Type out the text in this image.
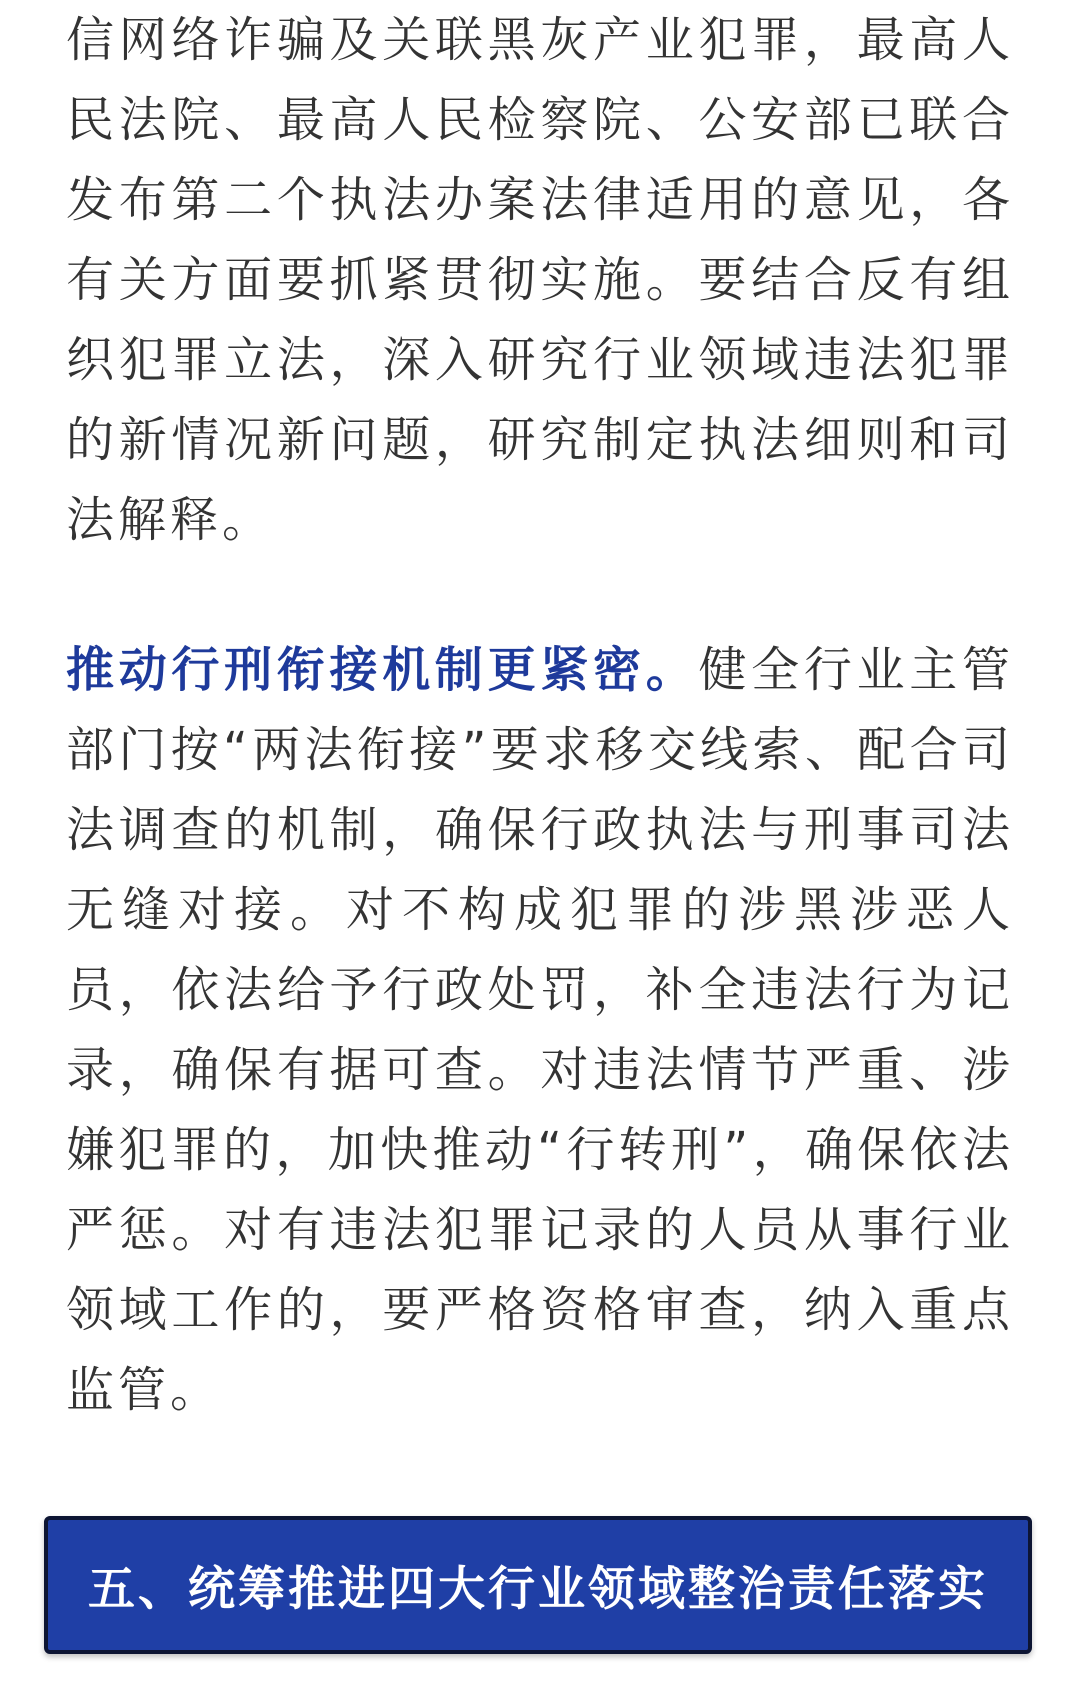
信网络诈骗及关联黑灰产业犯罪，最高人民法院、最高人民检察院、公安部已联合发布第二个执法办案法律适用的意见，各有关方面要抓紧贯彻实施。要结合反有组织犯罪立法，深入研究行业领域违法犯罪的新情况新问题，研究制定执法细则和司法解释。

推动行刑衔接机制更紧密。健全行业主管部门按“两法衔接”要求移交线索、配合司法调查的机制，确保行政执法与刑事司法无缝对接。对不构成犯罪的涉黑涉恶人员，依法给予行政处罚，补全违法行为记录，确保有据可查。对违法情节严重、涉嫌犯罪的，加快推动“行转刑”，确保依法严惩。对有违法犯罪记录的人员从事行业领域工作的，要严格资格审查，纳入重点监管。

五、统筹推进四大行业领域整治责任落实
